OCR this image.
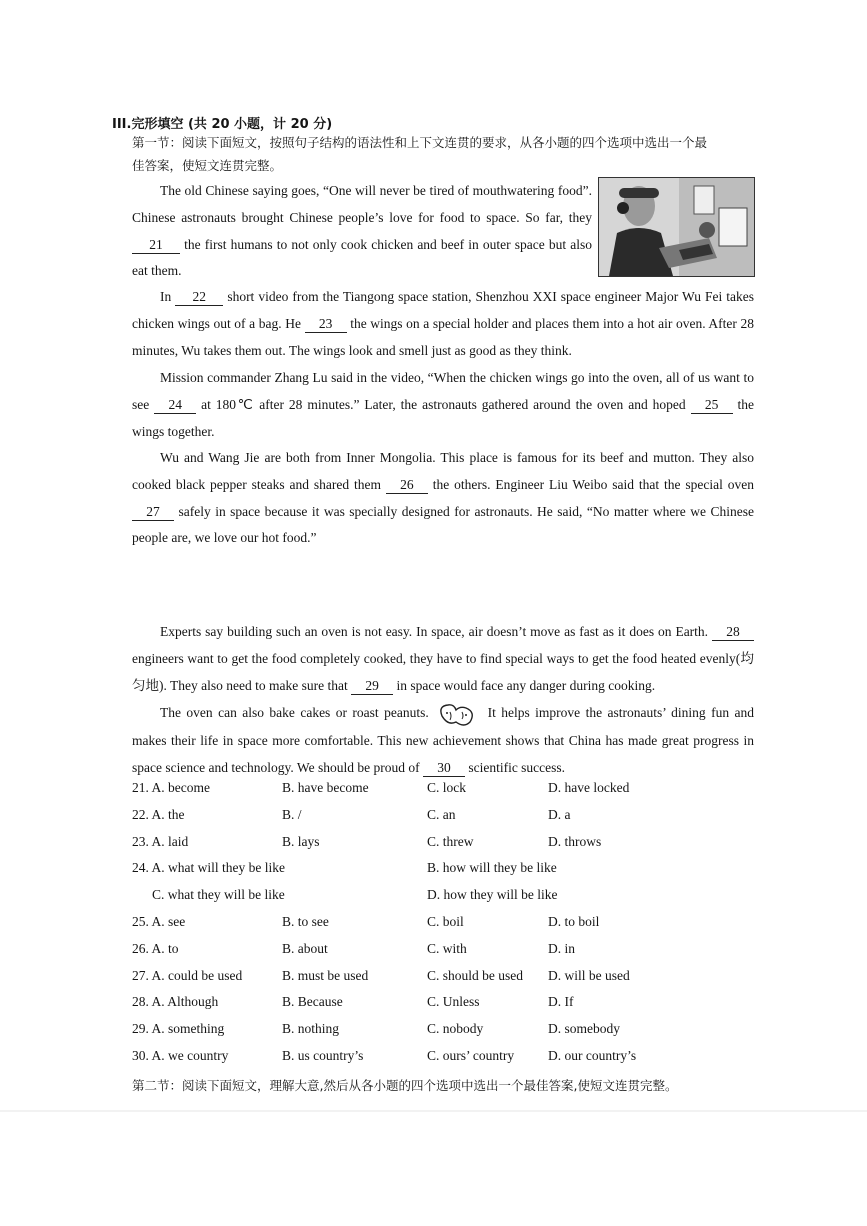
III.完形填空 (共 20 小题，计 20 分)
第一节：阅读下面短文，按照句子结构的语法性和上下文连贯的要求，从各小题的四个选项中选出一个最
佳答案，使短文连贯完整。
The old Chinese saying goes, “One will never be tired of mouthwatering food”. Chinese astronauts brought Chinese people’s love for food to space. So far, they 21 the first humans to not only cook chicken and beef in outer space but also eat them.
In 22 short video from the Tiangong space station, Shenzhou XXI space engineer Major Wu Fei takes chicken wings out of a bag. He 23 the wings on a special holder and places them into a hot air oven. After 28 minutes, Wu takes them out. The wings look and smell just as good as they think.
Mission commander Zhang Lu said in the video, “When the chicken wings go into the oven, all of us want to see 24 at 180℃ after 28 minutes.” Later, the astronauts gathered around the oven and hoped 25 the wings together.
Wu and Wang Jie are both from Inner Mongolia. This place is famous for its beef and mutton. They also cooked black pepper steaks and shared them 26 the others. Engineer Liu Weibo said that the special oven 27 safely in space because it was specially designed for astronauts. He said, “No matter where we Chinese people are, we love our hot food.”
Experts say building such an oven is not easy. In space, air doesn’t move as fast as it does on Earth. 28 engineers want to get the food completely cooked, they have to find special ways to get the food heated evenly(均匀地). They also need to make sure that 29 in space would face any danger during cooking.
The oven can also bake cakes or roast peanuts.	It helps improve the astronauts’ dining fun and makes their life in space more comfortable. This new achievement shows that China has made great progress in space science and technology. We should be proud of 30 scientific success.
21. A. become	B. have become	C. lock	D. have locked
22. A. the	B. /	C. an	D. a
23. A. laid	B. lays	C. threw	D. throws
24. A. what will they be like	B. how will they be like
C. what they will be like	D. how they will be like
25. A. see	B. to see	C. boil	D. to boil
26. A. to	B. about	C. with	D. in
27. A. could be used	B. must be used	C. should be used D. will be used
28. A. Although	B. Because	C. Unless	D. If
29. A. something	B. nothing	C. nobody	D. somebody
30. A. we country	B. us country’s	C. ours’ country	D. our country’s
第二节：阅读下面短文，理解大意,然后从各小题的四个选项中选出一个最佳答案,使短文连贯完整。
